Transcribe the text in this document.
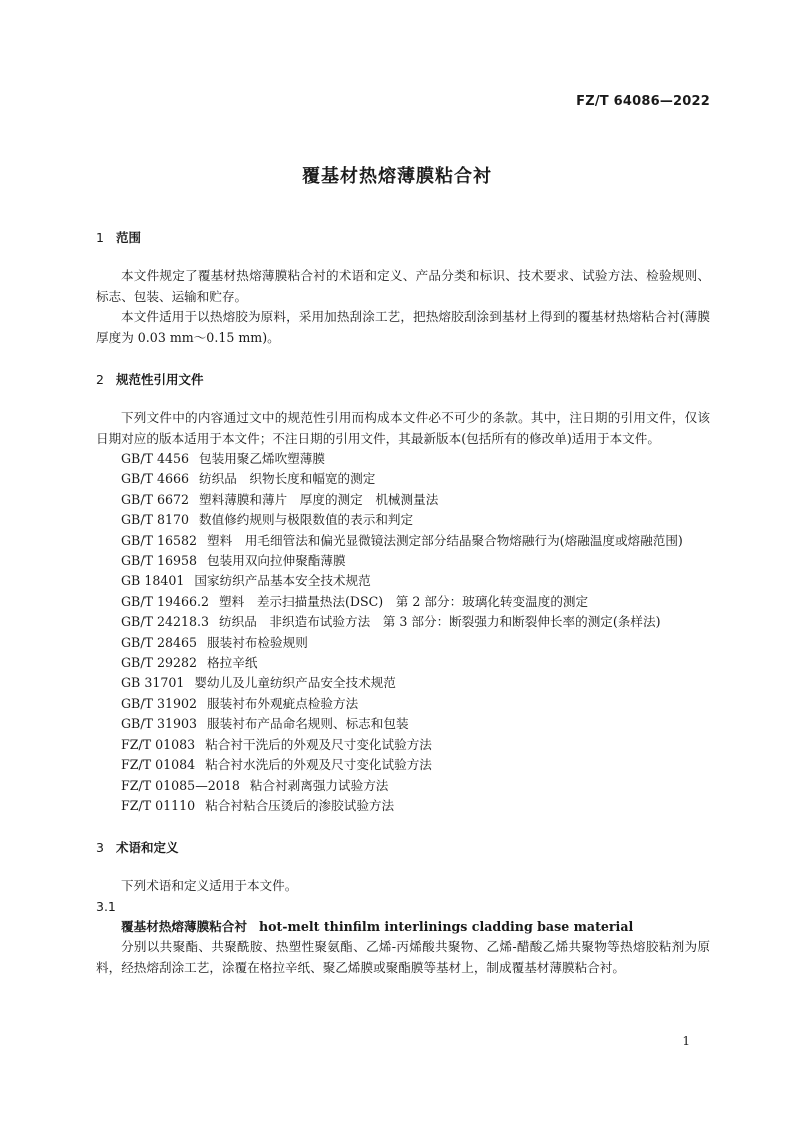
FZ/T 64086—2022
覆基材热熔薄膜粘合衬
1 范围

本文件规定了覆基材热熔薄膜粘合衬的术语和定义、产品分类和标识、技术要求、试验方法、检验规则、标志、包装、运输和贮存。

本文件适用于以热熔胶为原料，采用加热刮涂工艺，把热熔胶刮涂到基材上得到的覆基材热熔粘合衬(薄膜厚度为 0.03 mm～0.15 mm)。

2 规范性引用文件

下列文件中的内容通过文中的规范性引用而构成本文件必不可少的条款。其中，注日期的引用文件，仅该日期对应的版本适用于本文件；不注日期的引用文件，其最新版本(包括所有的修改单)适用于本文件。

GB/T 4456 包装用聚乙烯吹塑薄膜
GB/T 4666 纺织品　织物长度和幅宽的测定
GB/T 6672 塑料薄膜和薄片　厚度的测定　机械测量法
GB/T 8170 数值修约规则与极限数值的表示和判定
GB/T 16582 塑料　用毛细管法和偏光显微镜法测定部分结晶聚合物熔融行为(熔融温度或熔融范围)
GB/T 16958 包装用双向拉伸聚酯薄膜
GB 18401 国家纺织产品基本安全技术规范
GB/T 19466.2 塑料　差示扫描量热法(DSC)　第 2 部分：玻璃化转变温度的测定
GB/T 24218.3 纺织品　非织造布试验方法　第 3 部分：断裂强力和断裂伸长率的测定(条样法)
GB/T 28465 服装衬布检验规则
GB/T 29282 格拉辛纸
GB 31701 婴幼儿及儿童纺织产品安全技术规范
GB/T 31902 服装衬布外观疵点检验方法
GB/T 31903 服装衬布产品命名规则、标志和包装
FZ/T 01083 粘合衬干洗后的外观及尺寸变化试验方法
FZ/T 01084 粘合衬水洗后的外观及尺寸变化试验方法
FZ/T 01085—2018 粘合衬剥离强力试验方法
FZ/T 01110 粘合衬粘合压烫后的渗胶试验方法
3 术语和定义

下列术语和定义适用于本文件。

3.1

覆基材热熔薄膜粘合衬 hot-melt thinfilm interlinings cladding base material

分别以共聚酯、共聚酰胺、热塑性聚氨酯、乙烯-丙烯酸共聚物、乙烯-醋酸乙烯共聚物等热熔胶粘剂为原料，经热熔刮涂工艺，涂覆在格拉辛纸、聚乙烯膜或聚酯膜等基材上，制成覆基材薄膜粘合衬。

1
